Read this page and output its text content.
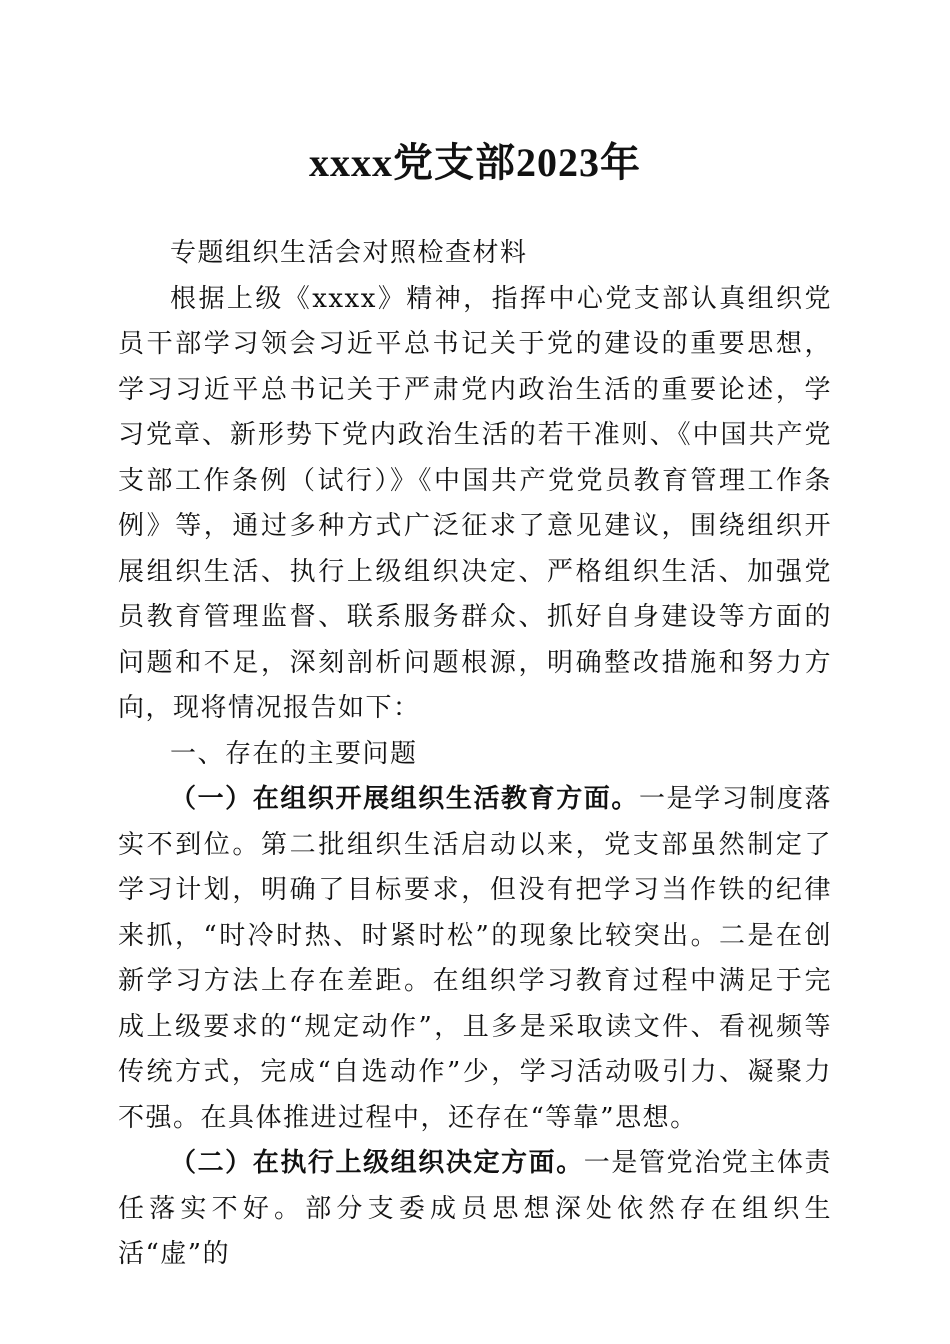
xxxx党支部2023年

专题组织生活会对照检查材料

根据上级《xxxx》精神，指挥中心党支部认真组织党员干部学习领会习近平总书记关于党的建设的重要思想，学习习近平总书记关于严肃党内政治生活的重要论述，学习党章、新形势下党内政治生活的若干准则、《中国共产党支部工作条例（试行）》《中国共产党党员教育管理工作条例》等，通过多种方式广泛征求了意见建议，围绕组织开展组织生活、执行上级组织决定、严格组织生活、加强党员教育管理监督、联系服务群众、抓好自身建设等方面的问题和不足，深刻剖析问题根源，明确整改措施和努力方向，现将情况报告如下：

一、存在的主要问题

（一）在组织开展组织生活教育方面。一是学习制度落实不到位。第二批组织生活启动以来，党支部虽然制定了学习计划，明确了目标要求，但没有把学习当作铁的纪律来抓，“时冷时热、时紧时松”的现象比较突出。二是在创新学习方法上存在差距。在组织学习教育过程中满足于完成上级要求的“规定动作”，且多是采取读文件、看视频等传统方式，完成“自选动作”少，学习活动吸引力、凝聚力不强。在具体推进过程中，还存在“等靠”思想。

（二）在执行上级组织决定方面。一是管党治党主体责任落实不好。部分支委成员思想深处依然存在组织生活“虚”的
